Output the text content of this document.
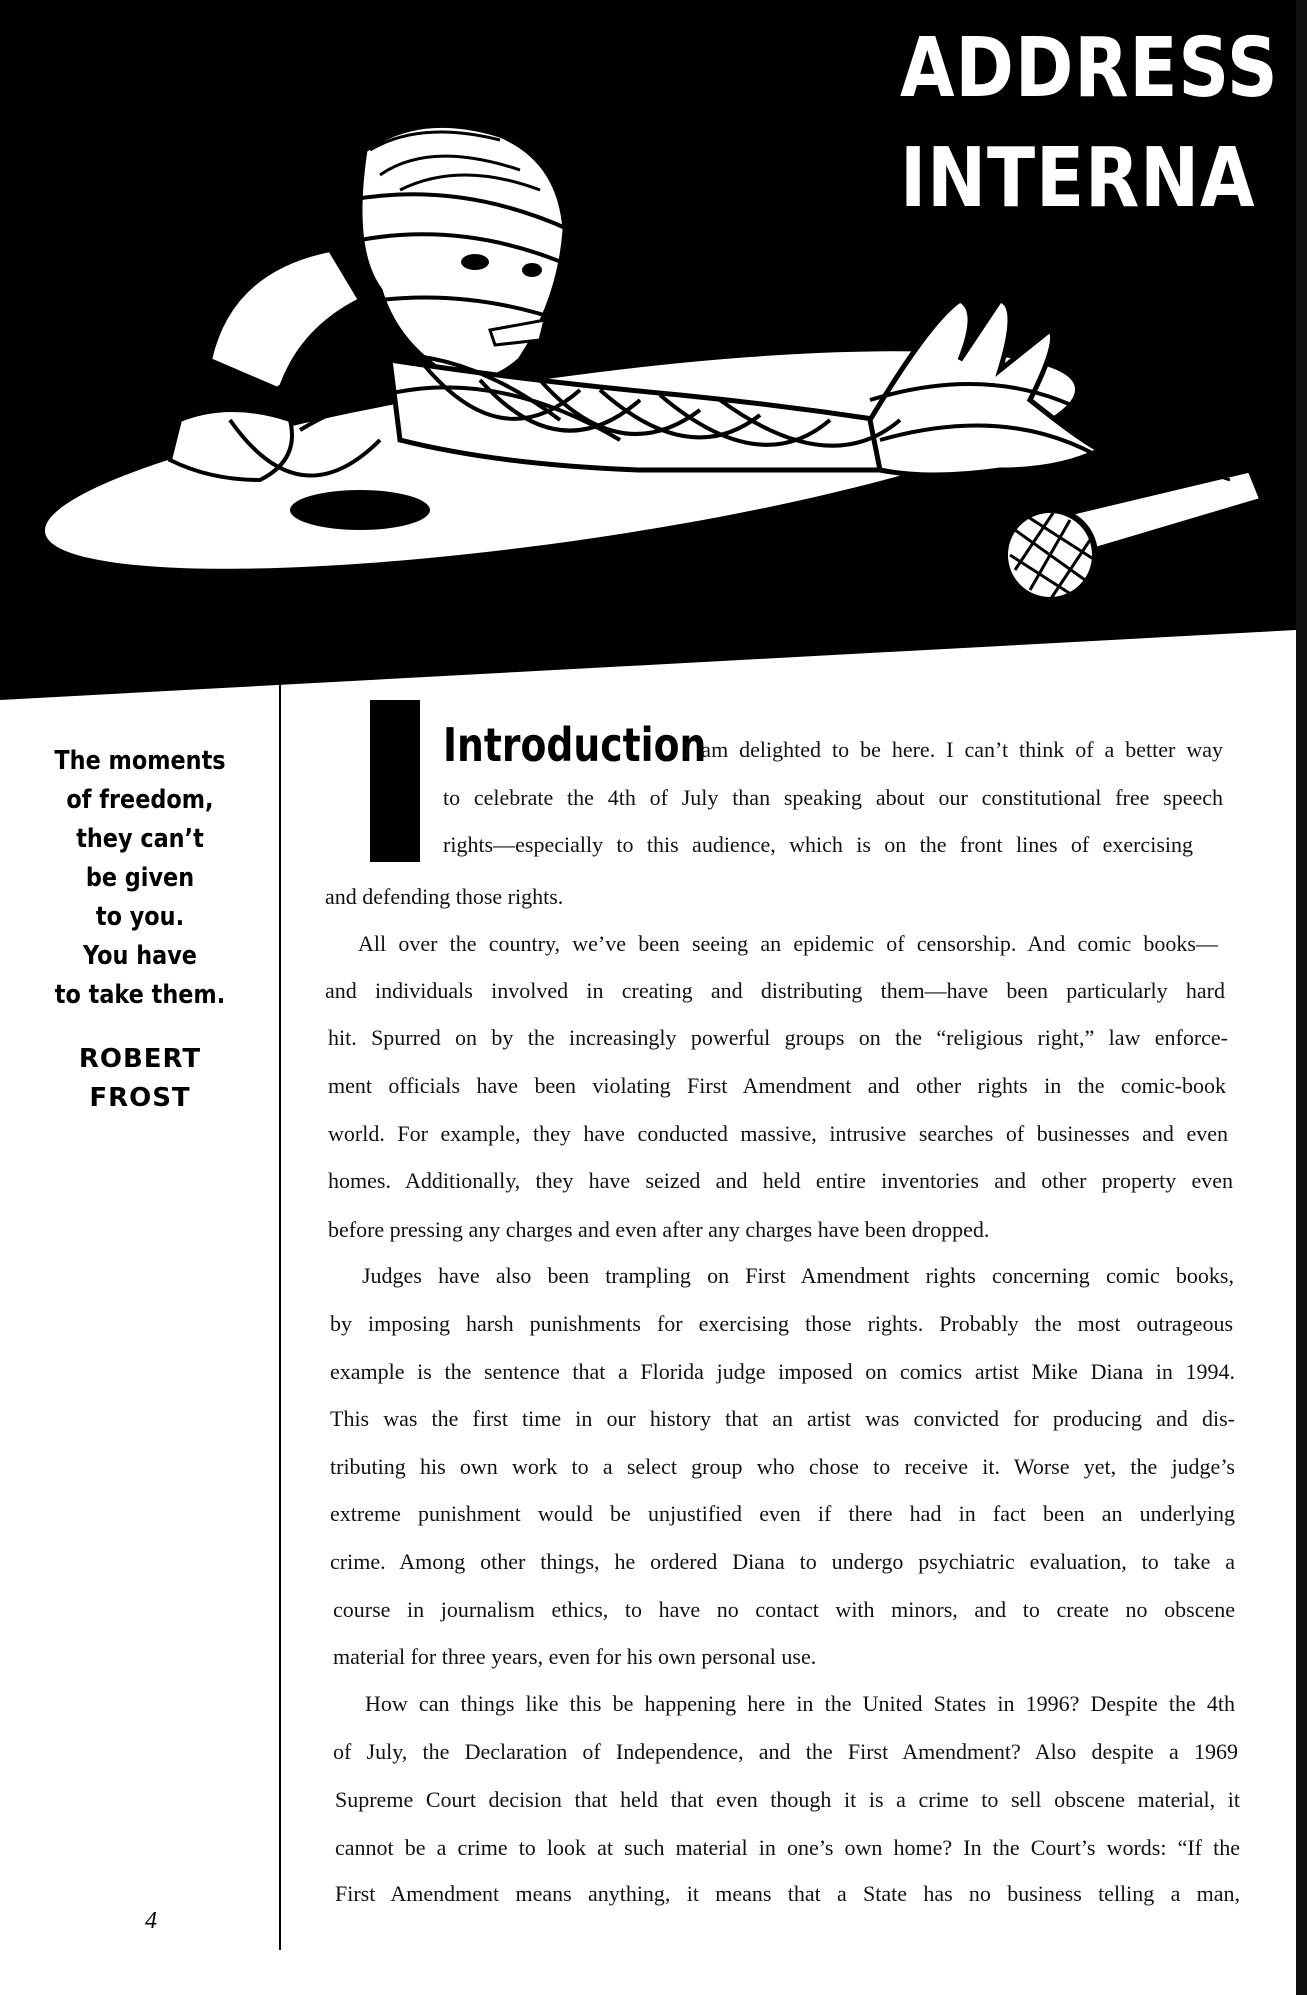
ADDRESS
INTERNA
The moments
of freedom,
they can’t
be given
to you.
You have
to take them.
ROBERT
FROST
I
Introduction

I am delighted to be here. I can’t think of a better way

to celebrate the 4th of July than speaking about our constitutional free speech

rights—especially to this audience, which is on the front lines of exercising

and defending those rights.

All over the country, we’ve been seeing an epidemic of censorship. And comic books—

and individuals involved in creating and distributing them—have been particularly hard

hit. Spurred on by the increasingly powerful groups on the “religious right,” law enforce-

ment officials have been violating First Amendment and other rights in the comic-book

world. For example, they have conducted massive, intrusive searches of businesses and even

homes. Additionally, they have seized and held entire inventories and other property even

before pressing any charges and even after any charges have been dropped.

Judges have also been trampling on First Amendment rights concerning comic books,

by imposing harsh punishments for exercising those rights. Probably the most outrageous

example is the sentence that a Florida judge imposed on comics artist Mike Diana in 1994.

This was the first time in our history that an artist was convicted for producing and dis-

tributing his own work to a select group who chose to receive it. Worse yet, the judge’s

extreme punishment would be unjustified even if there had in fact been an underlying

crime. Among other things, he ordered Diana to undergo psychiatric evaluation, to take a

course in journalism ethics, to have no contact with minors, and to create no obscene

material for three years, even for his own personal use.

How can things like this be happening here in the United States in 1996? Despite the 4th

of July, the Declaration of Independence, and the First Amendment? Also despite a 1969

Supreme Court decision that held that even though it is a crime to sell obscene material, it

cannot be a crime to look at such material in one’s own home? In the Court’s words: “If the

First Amendment means anything, it means that a State has no business telling a man,

4
